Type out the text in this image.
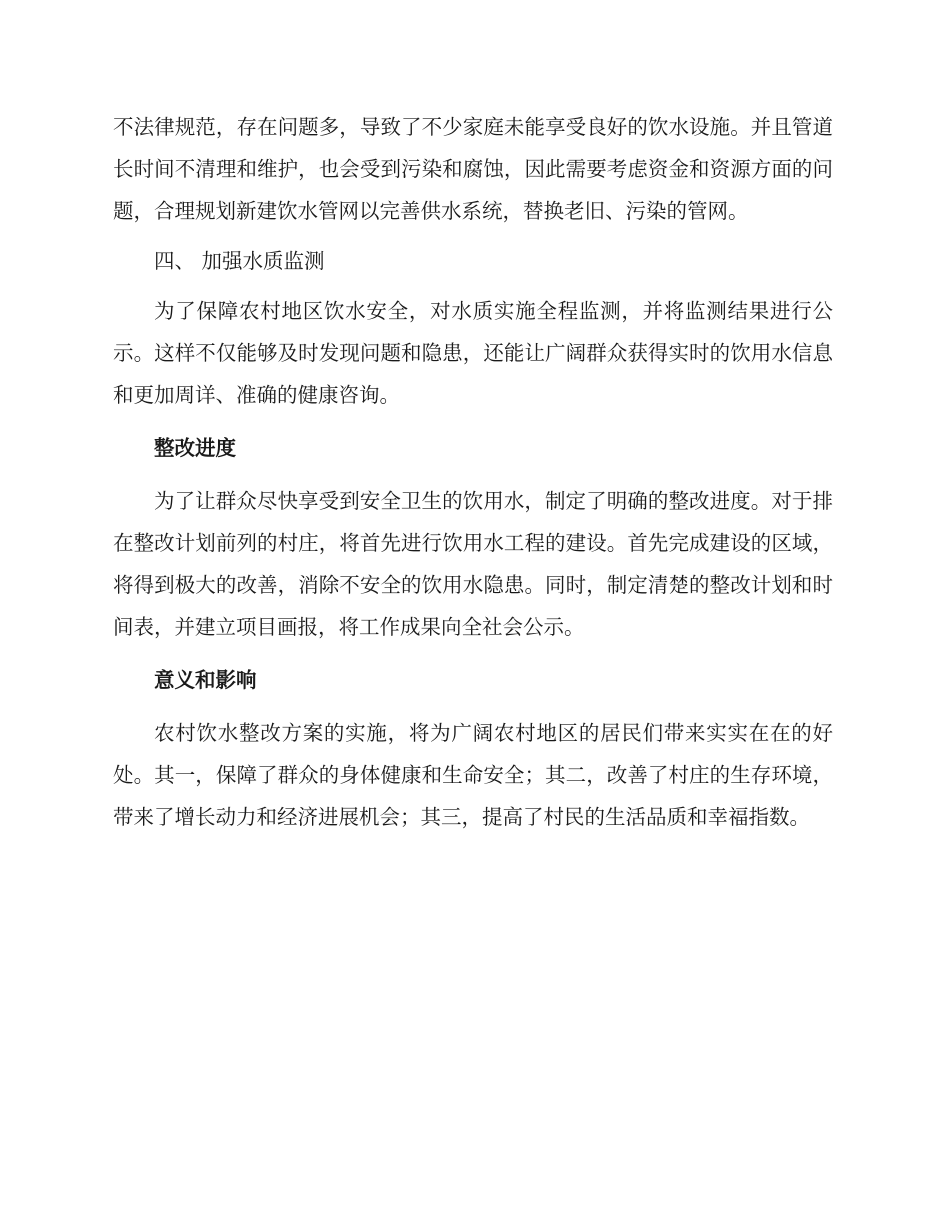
不法律规范，存在问题多，导致了不少家庭未能享受良好的饮水设施。并且管道长时间不清理和维护，也会受到污染和腐蚀，因此需要考虑资金和资源方面的问题，合理规划新建饮水管网以完善供水系统，替换老旧、污染的管网。

四、 加强水质监测

为了保障农村地区饮水安全，对水质实施全程监测，并将监测结果进行公示。这样不仅能够及时发现问题和隐患，还能让广阔群众获得实时的饮用水信息和更加周详、准确的健康咨询。

整改进度

为了让群众尽快享受到安全卫生的饮用水，制定了明确的整改进度。对于排在整改计划前列的村庄，将首先进行饮用水工程的建设。首先完成建设的区域，将得到极大的改善，消除不安全的饮用水隐患。同时，制定清楚的整改计划和时间表，并建立项目画报，将工作成果向全社会公示。

意义和影响

农村饮水整改方案的实施，将为广阔农村地区的居民们带来实实在在的好处。其一，保障了群众的身体健康和生命安全；其二，改善了村庄的生存环境，带来了增长动力和经济进展机会；其三，提高了村民的生活品质和幸福指数。
